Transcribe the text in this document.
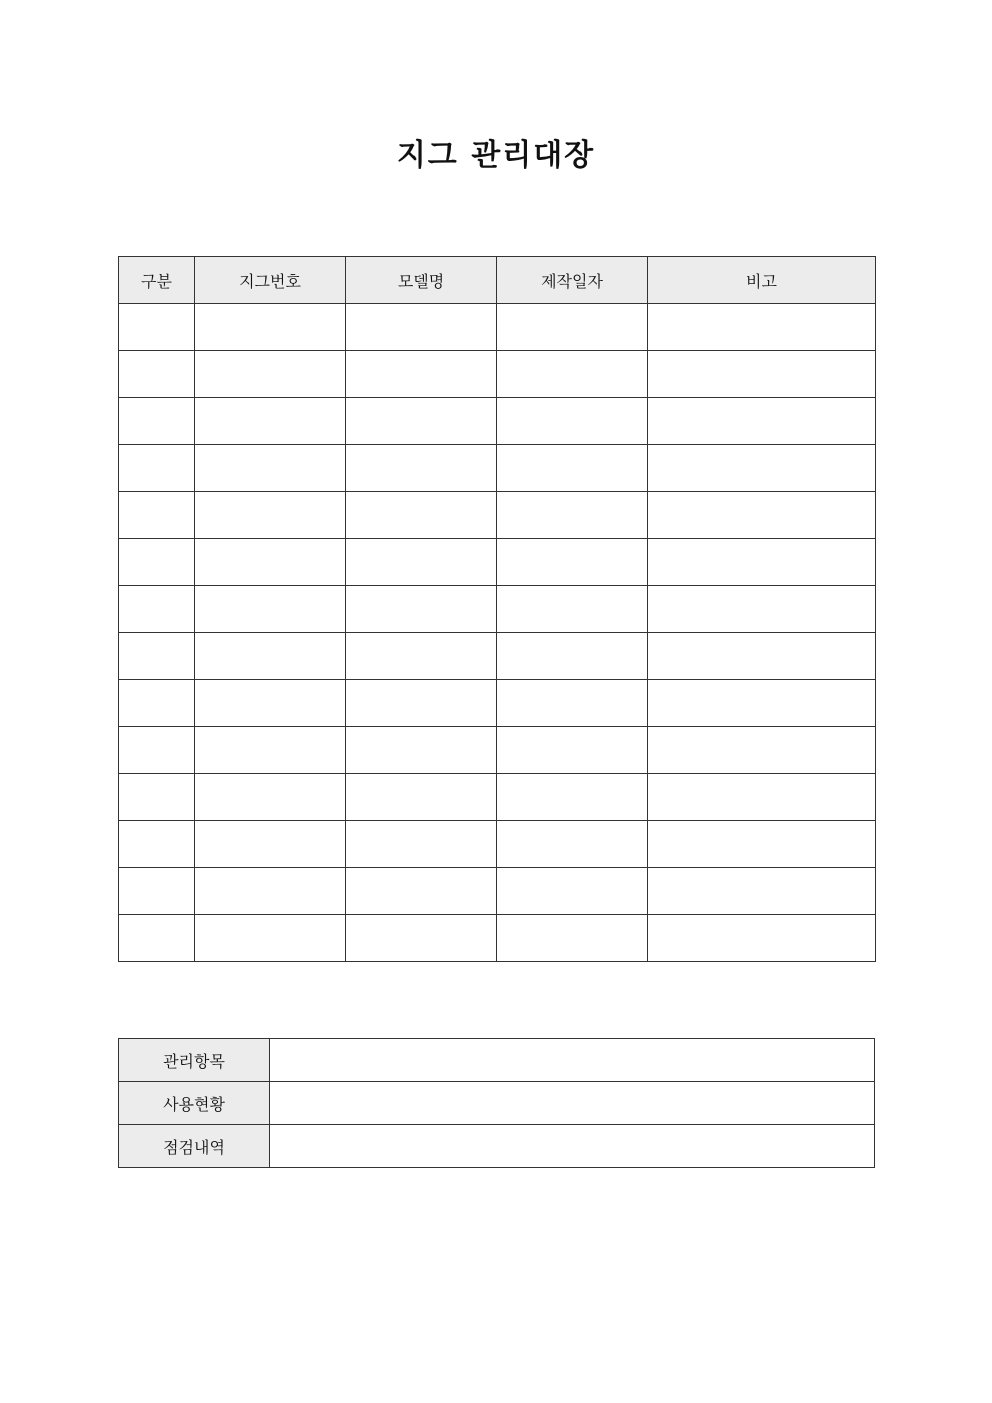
지그 관리대장
구분	지그번호	모델명	제작일자	비고

관리항목	
사용현황	
점검내역	
